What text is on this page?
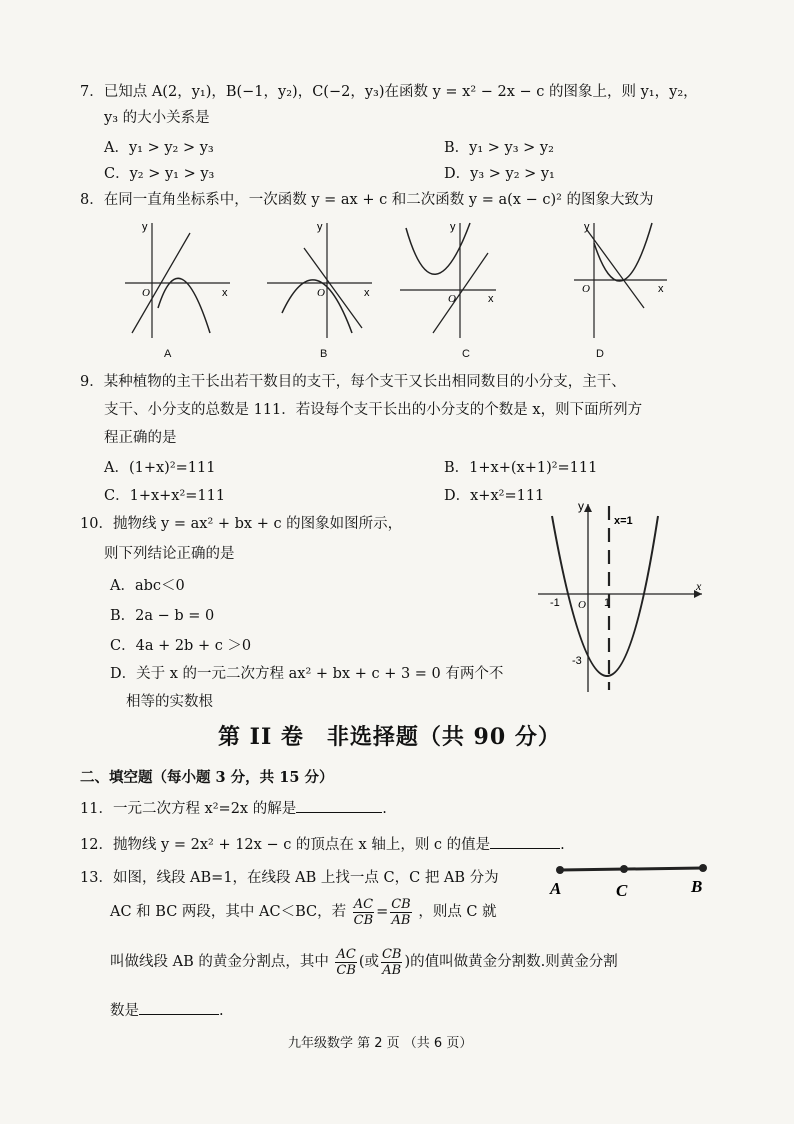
7．已知点 A(2，y₁)，B(−1，y₂)，C(−2，y₃)在函数 y = x² − 2x − c 的图象上，则 y₁，y₂，
y₃ 的大小关系是
A．y₁ > y₂ > y₃	B．y₁ > y₃ > y₂
C．y₂ > y₁ > y₃	D．y₃ > y₂ > y₁
8．在同一直角坐标系中，一次函数 y = ax + c 和二次函数 y = a(x − c)² 的图象大致为
y
x
O
A
y
x
O
B
y
x
O
C
y
x
O
D
9．某种植物的主干长出若干数目的支干，每个支干又长出相同数目的小分支，主干、
支干、小分支的总数是 111．若设每个支干长出的小分支的个数是 x，则下面所列方
程正确的是
A．(1+x)²=111	B．1+x+(x+1)²=111
C．1+x+x²=111	D．x+x²=111
10．抛物线 y = ax² + bx + c 的图象如图所示，
则下列结论正确的是
A．abc＜0
B．2a − b = 0
C．4a + 2b + c ＞0
D．关于 x 的一元二次方程 ax² + bx + c + 3 = 0 有两个不
相等的实数根
y
x=1
x
-1 O 1
-3
第 II 卷　非选择题（共 90 分）
二、填空题（每小题 3 分，共 15 分）
11．一元二次方程 x²=2x 的解是	.
12．抛物线 y = 2x² + 12x − c 的顶点在 x 轴上，则 c 的值是	.
13．如图，线段 AB=1，在线段 AB 上找一点 C，C 把 AB 分为
AC 和 BC 两段，其中 AC＜BC，若 $\frac{AC}{CB} = \frac{CB}{AB}$ ，则点 C 就
叫做线段 AB 的黄金分割点，其中 $\frac{AC}{CB}$ (或 $\frac{CB}{AB}$ )的值叫做黄金分割数.则黄金分割
数是	.
A	C	B
九年级数学 第 2 页 （共 6 页）
